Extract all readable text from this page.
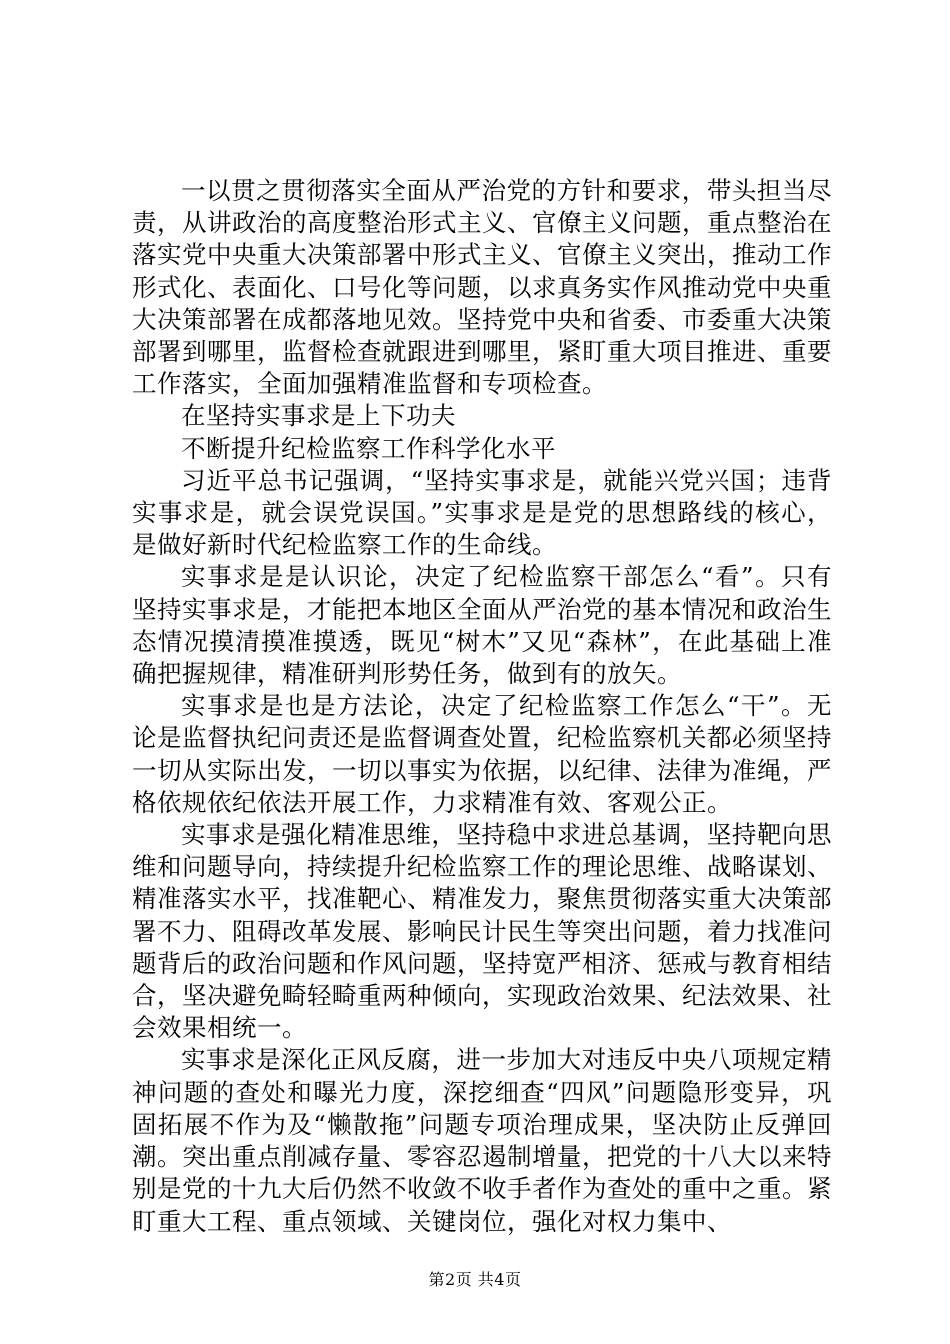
一以贯之贯彻落实全面从严治党的方针和要求，带头担当尽责，从讲政治的高度整治形式主义、官僚主义问题，重点整治在落实党中央重大决策部署中形式主义、官僚主义突出，推动工作形式化、表面化、口号化等问题，以求真务实作风推动党中央重大决策部署在成都落地见效。坚持党中央和省委、市委重大决策部署到哪里，监督检查就跟进到哪里，紧盯重大项目推进、重要工作落实，全面加强精准监督和专项检查。

在坚持实事求是上下功夫

不断提升纪检监察工作科学化水平

习近平总书记强调，“坚持实事求是，就能兴党兴国；违背实事求是，就会误党误国。”实事求是是党的思想路线的核心，是做好新时代纪检监察工作的生命线。

实事求是是认识论，决定了纪检监察干部怎么“看”。只有坚持实事求是，才能把本地区全面从严治党的基本情况和政治生态情况摸清摸准摸透，既见“树木”又见“森林”，在此基础上准确把握规律，精准研判形势任务，做到有的放矢。

实事求是也是方法论，决定了纪检监察工作怎么“干”。无论是监督执纪问责还是监督调查处置，纪检监察机关都必须坚持一切从实际出发，一切以事实为依据，以纪律、法律为准绳，严格依规依纪依法开展工作，力求精准有效、客观公正。

实事求是强化精准思维，坚持稳中求进总基调，坚持靶向思维和问题导向，持续提升纪检监察工作的理论思维、战略谋划、精准落实水平，找准靶心、精准发力，聚焦贯彻落实重大决策部署不力、阻碍改革发展、影响民计民生等突出问题，着力找准问题背后的政治问题和作风问题，坚持宽严相济、惩戒与教育相结合，坚决避免畸轻畸重两种倾向，实现政治效果、纪法效果、社会效果相统一。

实事求是深化正风反腐，进一步加大对违反中央八项规定精神问题的查处和曝光力度，深挖细查“四风”问题隐形变异，巩固拓展不作为及“懒散拖”问题专项治理成果，坚决防止反弹回潮。突出重点削减存量、零容忍遏制增量，把党的十八大以来特别是党的十九大后仍然不收敛不收手者作为查处的重中之重。紧盯重大工程、重点领域、关键岗位，强化对权力集中、

第2页 共4页
